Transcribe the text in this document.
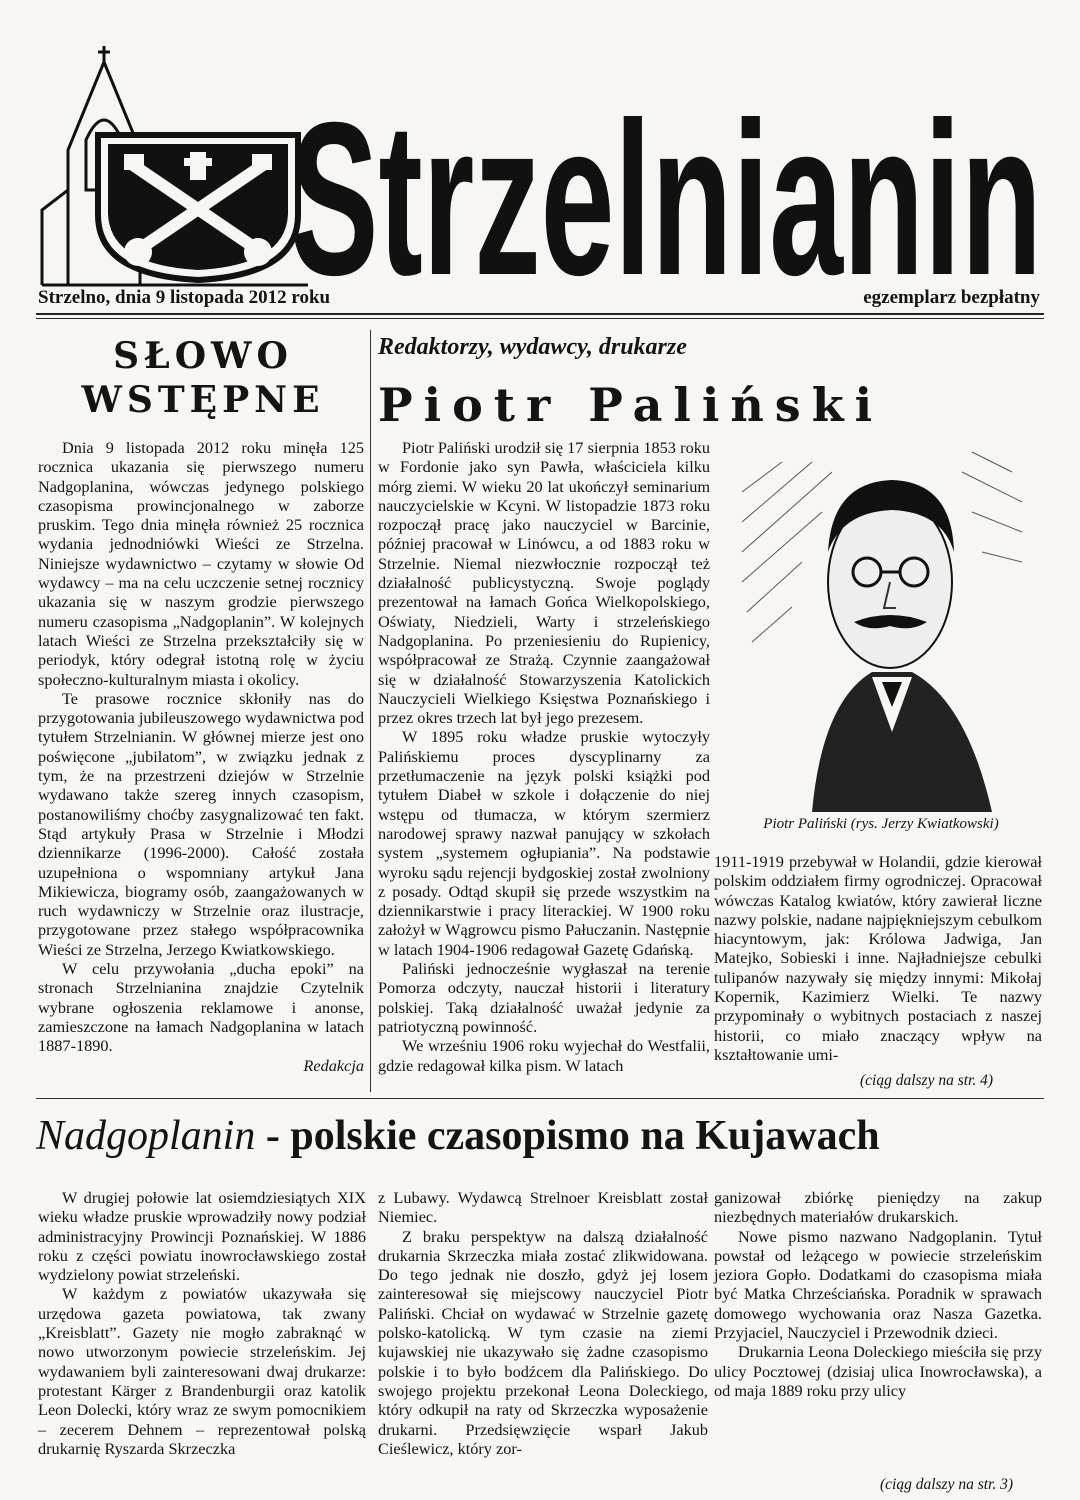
Strzelnianin
Strzelno, dnia 9 listopada 2012 roku	egzemplarz bezpłatny
SŁOWO
WSTĘPNE

Dnia 9 listopada 2012 roku minęła 125 rocznica ukazania się pierwszego numeru Nadgoplanina, wówczas jedynego polskiego czasopisma prowincjonalnego w zaborze pruskim. Tego dnia minęła również 25 rocznica wydania jednodniówki Wieści ze Strzelna. Niniejsze wydawnictwo – czytamy w słowie Od wydawcy – ma na celu uczczenie setnej rocznicy ukazania się w naszym grodzie pierwszego numeru czasopisma „Nadgoplanin”. W kolejnych latach Wieści ze Strzelna przekształciły się w periodyk, który odegrał istotną rolę w życiu społeczno-kulturalnym miasta i okolicy.

Te prasowe rocznice skłoniły nas do przygotowania jubileuszowego wydawnictwa pod tytułem Strzelnianin. W głównej mierze jest ono poświęcone „jubilatom”, w związku jednak z tym, że na przestrzeni dziejów w Strzelnie wydawano także szereg innych czasopism, postanowiliśmy choćby zasygnalizować ten fakt. Stąd artykuły Prasa w Strzelnie i Młodzi dziennikarze (1996-2000). Całość została uzupełniona o wspomniany artykuł Jana Mikiewicza, biogramy osób, zaangażowanych w ruch wydawniczy w Strzelnie oraz ilustracje, przygotowane przez stałego współpracownika Wieści ze Strzelna, Jerzego Kwiatkowskiego.

W celu przywołania „ducha epoki” na stronach Strzelnianina znajdzie Czytelnik wybrane ogłoszenia reklamowe i anonse, zamieszczone na łamach Nadgoplanina w latach 1887-1890.

Redakcja
Redaktorzy, wydawcy, drukarze
Piotr Paliński

Piotr Paliński urodził się 17 sierpnia 1853 roku w Fordonie jako syn Pawła, właściciela kilku mórg ziemi. W wieku 20 lat ukończył seminarium nauczycielskie w Kcyni. W listopadzie 1873 roku rozpoczął pracę jako nauczyciel w Barcinie, później pracował w Linówcu, a od 1883 roku w Strzelnie. Niemal niezwłocznie rozpoczął też działalność publicystyczną. Swoje poglądy prezentował na łamach Gońca Wielkopolskiego, Oświaty, Niedzieli, Warty i strzeleńskiego Nadgoplanina. Po przeniesieniu do Rupienicy, współpracował ze Strażą. Czynnie zaangażował się w działalność Stowarzyszenia Katolickich Nauczycieli Wielkiego Księstwa Poznańskiego i przez okres trzech lat był jego prezesem.

W 1895 roku władze pruskie wytoczyły Palińskiemu proces dyscyplinarny za przetłumaczenie na język polski książki pod tytułem Diabeł w szkole i dołączenie do niej wstępu od tłumacza, w którym szermierz narodowej sprawy nazwał panujący w szkołach system „systemem ogłupiania”. Na podstawie wyroku sądu rejencji bydgoskiej został zwolniony z posady. Odtąd skupił się przede wszystkim na dziennikarstwie i pracy literackiej. W 1900 roku założył w Wągrowcu pismo Pałuczanin. Następnie w latach 1904-1906 redagował Gazetę Gdańską.

Paliński jednocześnie wygłaszał na terenie Pomorza odczyty, nauczał historii i literatury polskiej. Taką działalność uważał jedynie za patriotyczną powinność.

We wrześniu 1906 roku wyjechał do Westfalii, gdzie redagował kilka pism. W latach

Piotr Paliński (rys. Jerzy Kwiatkowski)

1911-1919 przebywał w Holandii, gdzie kierował polskim oddziałem firmy ogrodniczej. Opracował wówczas Katalog kwiatów, który zawierał liczne nazwy polskie, nadane najpiękniejszym cebulkom hiacyntowym, jak: Królowa Jadwiga, Jan Matejko, Sobieski i inne. Najładniejsze cebulki tulipanów nazywały się między innymi: Mikołaj Kopernik, Kazimierz Wielki. Te nazwy przypominały o wybitnych postaciach z naszej historii, co miało znaczący wpływ na kształtowanie umi-

(ciąg dalszy na str. 4)
Nadgoplanin - polskie czasopismo na Kujawach

W drugiej połowie lat osiemdziesiątych XIX wieku władze pruskie wprowadziły nowy podział administracyjny Prowincji Poznańskiej. W 1886 roku z części powiatu inowrocławskiego został wydzielony powiat strzeleński.

W każdym z powiatów ukazywała się urzędowa gazeta powiatowa, tak zwany „Kreisblatt”. Gazety nie mogło zabraknąć w nowo utworzonym powiecie strzeleńskim. Jej wydawaniem byli zainteresowani dwaj drukarze: protestant Kärger z Brandenburgii oraz katolik Leon Dolecki, który wraz ze swym pomocnikiem – zecerem Dehnem – reprezentował polską drukarnię Ryszarda Skrzeczka

z Lubawy. Wydawcą Strelnoer Kreisblatt został Niemiec.

Z braku perspektyw na dalszą działalność drukarnia Skrzeczka miała zostać zlikwidowana. Do tego jednak nie doszło, gdyż jej losem zainteresował się miejscowy nauczyciel Piotr Paliński. Chciał on wydawać w Strzelnie gazetę polsko-katolicką. W tym czasie na ziemi kujawskiej nie ukazywało się żadne czasopismo polskie i to było bodźcem dla Palińskiego. Do swojego projektu przekonał Leona Doleckiego, który odkupił na raty od Skrzeczka wyposażenie drukarni. Przedsięwzięcie wsparł Jakub Cieślewicz, który zor-

ganizował zbiórkę pieniędzy na zakup niezbędnych materiałów drukarskich.

Nowe pismo nazwano Nadgoplanin. Tytuł powstał od leżącego w powiecie strzeleńskim jeziora Gopło. Dodatkami do czasopisma miała być Matka Chrześciańska. Poradnik w sprawach domowego wychowania oraz Nasza Gazetka. Przyjaciel, Nauczyciel i Przewodnik dzieci.

Drukarnia Leona Doleckiego mieściła się przy ulicy Pocztowej (dzisiaj ulica Inowrocławska), a od maja 1889 roku przy ulicy

(ciąg dalszy na str. 3)
